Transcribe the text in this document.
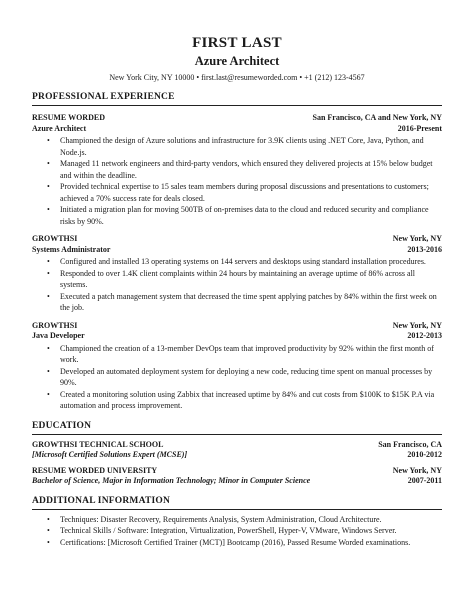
FIRST LAST
Azure Architect
New York City, NY 10000 • first.last@resumeworded.com • +1 (212) 123-4567
PROFESSIONAL EXPERIENCE
RESUME WORDED	San Francisco, CA and New York, NY
Azure Architect	2016-Present
• Championed the design of Azure solutions and infrastructure for 3.9K clients using .NET Core, Java, Python, and Node.js.
• Managed 11 network engineers and third-party vendors, which ensured they delivered projects at 15% below budget and within the deadline.
• Provided technical expertise to 15 sales team members during proposal discussions and presentations to customers; achieved a 70% success rate for deals closed.
• Initiated a migration plan for moving 500TB of on-premises data to the cloud and reduced security and compliance risks by 90%.
GROWTHSI	New York, NY
Systems Administrator	2013-2016
• Configured and installed 13 operating systems on 144 servers and desktops using standard installation procedures.
• Responded to over 1.4K client complaints within 24 hours by maintaining an average uptime of 86% across all systems.
• Executed a patch management system that decreased the time spent applying patches by 84% within the first week on the job.
GROWTHSI	New York, NY
Java Developer	2012-2013
• Championed the creation of a 13-member DevOps team that improved productivity by 92% within the first month of work.
• Developed an automated deployment system for deploying a new code, reducing time spent on manual processes by 90%.
• Created a monitoring solution using Zabbix that increased uptime by 84% and cut costs from $100K to $15K P.A via automation and process improvement.
EDUCATION
GROWTHSI TECHNICAL SCHOOL	San Francisco, CA
[Microsoft Certified Solutions Expert (MCSE)]	2010-2012
RESUME WORDED UNIVERSITY	New York, NY
Bachelor of Science, Major in Information Technology; Minor in Computer Science	2007-2011
ADDITIONAL INFORMATION
• Techniques: Disaster Recovery, Requirements Analysis, System Administration, Cloud Architecture.
• Technical Skills / Software: Integration, Virtualization, PowerShell, Hyper-V, VMware, Windows Server.
• Certifications: [Microsoft Certified Trainer (MCT)] Bootcamp (2016), Passed Resume Worded examinations.
